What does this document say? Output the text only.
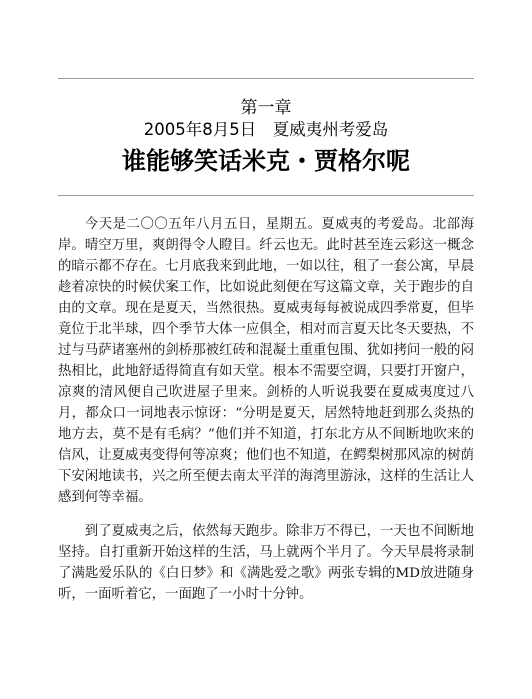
第一章
2005年8月5日　夏威夷州考爱岛
谁能够笑话米克・贾格尔呢

今天是二〇〇五年八月五日，星期五。夏威夷的考爱岛。北部海岸。晴空万里，爽朗得令人瞪目。纤云也无。此时甚至连云彩这一概念的暗示都不存在。七月底我来到此地，一如以往，租了一套公寓，早晨趁着凉快的时候伏案工作，比如说此刻便在写这篇文章，关于跑步的自由的文章。现在是夏天，当然很热。夏威夷每每被说成四季常夏，但毕竟位于北半球，四个季节大体一应俱全，相对而言夏天比冬天要热，不过与马萨诸塞州的剑桥那被红砖和混凝土重重包围、犹如拷问一般的闷热相比，此地舒适得简直有如天堂。根本不需要空调，只要打开窗户，凉爽的清风便自己吹进屋子里来。剑桥的人听说我要在夏威夷度过八月，都众口一词地表示惊讶：“分明是夏天，居然特地赶到那么炎热的地方去，莫不是有毛病？”他们并不知道，打东北方从不间断地吹来的信风，让夏威夷变得何等凉爽；他们也不知道，在鳄梨树那风凉的树荫下安闲地读书，兴之所至便去南太平洋的海湾里游泳，这样的生活让人感到何等幸福。

到了夏威夷之后，依然每天跑步。除非万不得已，一天也不间断地坚持。自打重新开始这样的生活，马上就两个半月了。今天早晨将录制了满匙爱乐队的《白日梦》和《满匙爱之歌》两张专辑的MD放进随身听，一面听着它，一面跑了一小时十分钟。
